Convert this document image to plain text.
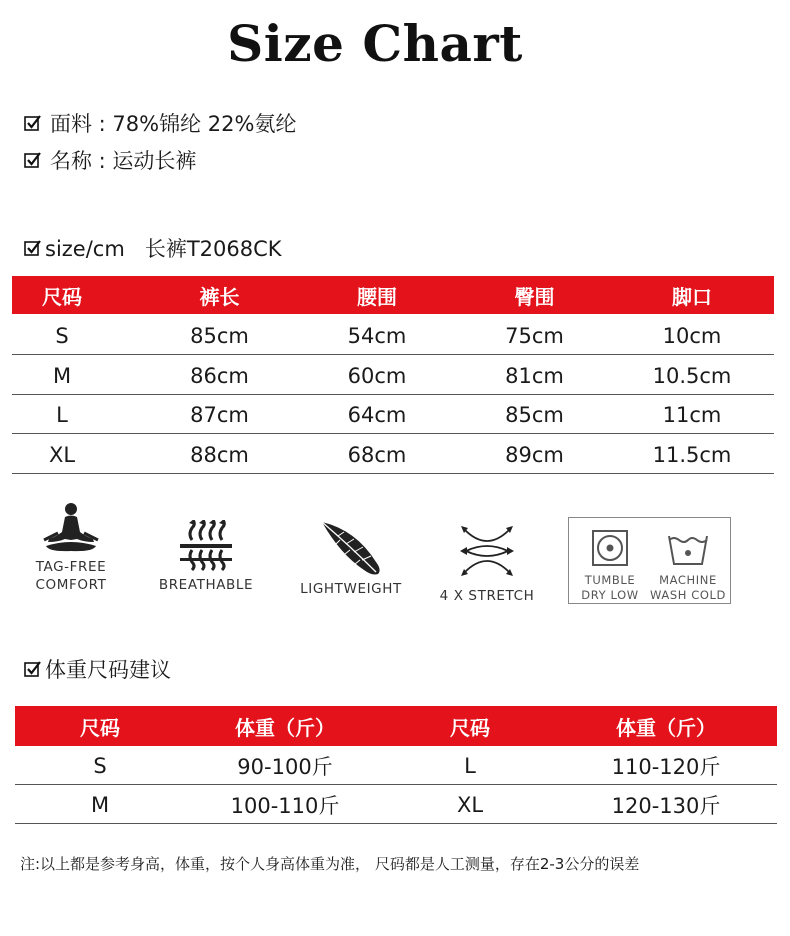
Size Chart
面料 : 78%锦纶 22%氨纶
名称 : 运动长裤
size/cm   长裤T2068CK
尺码	裤长	腰围	臀围	脚口
S	85cm	54cm	75cm	10cm
M	86cm	60cm	81cm	10.5cm
L	87cm	64cm	85cm	11cm
XL	88cm	68cm	89cm	11.5cm
TAG-FREE
COMFORT	BREATHABLE	LIGHTWEIGHT	4 X STRETCH
TUMBLE
DRY LOW
MACHINE
WASH COLD
体重尺码建议
尺码	体重（斤）	尺码	体重（斤）
S	90-100斤	L	110-120斤
M	100-110斤	XL	120-130斤
注:以上都是参考身高，体重，按个人身高体重为准， 尺码都是人工测量，存在2-3公分的误差
